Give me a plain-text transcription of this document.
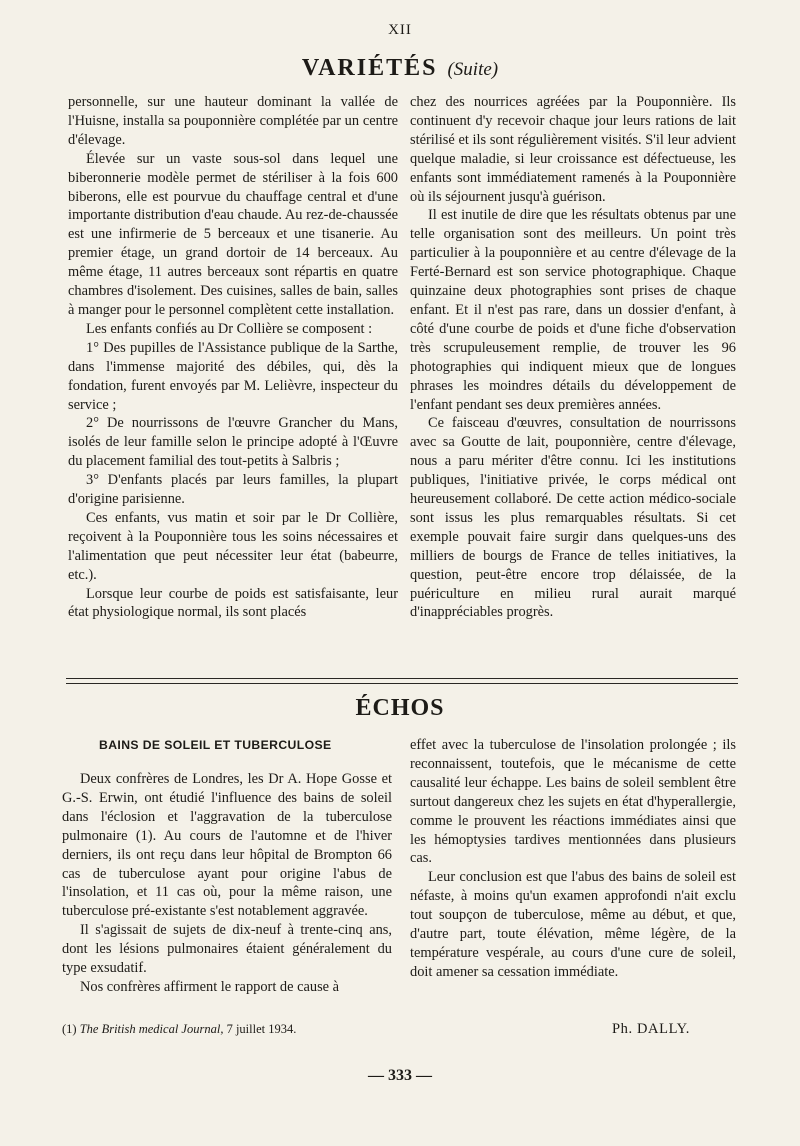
XII
VARIÉTÉS (Suite)

personnelle, sur une hauteur dominant la vallée de l'Huisne, installa sa pouponnière complétée par un centre d'élevage.

Élevée sur un vaste sous-sol dans lequel une biberonnerie modèle permet de stériliser à la fois 600 biberons, elle est pourvue du chauffage central et d'une importante distribution d'eau chaude. Au rez-de-chaussée est une infirmerie de 5 berceaux et une tisanerie. Au premier étage, un grand dortoir de 14 berceaux. Au même étage, 11 autres berceaux sont répartis en quatre chambres d'isolement. Des cuisines, salles de bain, salles à manger pour le personnel complètent cette installation.

Les enfants confiés au Dr Collière se composent :

1° Des pupilles de l'Assistance publique de la Sarthe, dans l'immense majorité des débiles, qui, dès la fondation, furent envoyés par M. Lelièvre, inspecteur du service ;

2° De nourrissons de l'œuvre Grancher du Mans, isolés de leur famille selon le principe adopté à l'Œuvre du placement familial des tout-petits à Salbris ;

3° D'enfants placés par leurs familles, la plupart d'origine parisienne.

Ces enfants, vus matin et soir par le Dr Collière, reçoivent à la Pouponnière tous les soins nécessaires et l'alimentation que peut nécessiter leur état (babeurre, etc.).

Lorsque leur courbe de poids est satisfaisante, leur état physiologique normal, ils sont placés

chez des nourrices agréées par la Pouponnière. Ils continuent d'y recevoir chaque jour leurs rations de lait stérilisé et ils sont régulièrement visités. S'il leur advient quelque maladie, si leur croissance est défectueuse, les enfants sont immédiatement ramenés à la Pouponnière où ils séjournent jusqu'à guérison.

Il est inutile de dire que les résultats obtenus par une telle organisation sont des meilleurs. Un point très particulier à la pouponnière et au centre d'élevage de la Ferté-Bernard est son service photographique. Chaque quinzaine deux photographies sont prises de chaque enfant. Et il n'est pas rare, dans un dossier d'enfant, à côté d'une courbe de poids et d'une fiche d'observation très scrupuleusement remplie, de trouver les 96 photographies qui indiquent mieux que de longues phrases les moindres détails du développement de l'enfant pendant ses deux premières années.

Ce faisceau d'œuvres, consultation de nourrissons avec sa Goutte de lait, pouponnière, centre d'élevage, nous a paru mériter d'être connu. Ici les institutions publiques, l'initiative privée, le corps médical ont heureusement collaboré. De cette action médico-sociale sont issus les plus remarquables résultats. Si cet exemple pouvait faire surgir dans quelques-uns des milliers de bourgs de France de telles initiatives, la question, peut-être encore trop délaissée, de la puériculture en milieu rural aurait marqué d'inappréciables progrès.

ÉCHOS
BAINS DE SOLEIL ET TUBERCULOSE

Deux confrères de Londres, les Dr A. Hope Gosse et G.-S. Erwin, ont étudié l'influence des bains de soleil dans l'éclosion et l'aggravation de la tuberculose pulmonaire (1). Au cours de l'automne et de l'hiver derniers, ils ont reçu dans leur hôpital de Brompton 66 cas de tuberculose ayant pour origine l'abus de l'insolation, et 11 cas où, pour la même raison, une tuberculose pré-existante s'est notablement aggravée.

Il s'agissait de sujets de dix-neuf à trente-cinq ans, dont les lésions pulmonaires étaient généralement du type exsudatif.

Nos confrères affirment le rapport de cause à

effet avec la tuberculose de l'insolation prolongée ; ils reconnaissent, toutefois, que le mécanisme de cette causalité leur échappe. Les bains de soleil semblent être surtout dangereux chez les sujets en état d'hyperallergie, comme le prouvent les réactions immédiates ainsi que les hémoptysies tardives mentionnées dans plusieurs cas.

Leur conclusion est que l'abus des bains de soleil est néfaste, à moins qu'un examen approfondi n'ait exclu tout soupçon de tuberculose, même au début, et que, d'autre part, toute élévation, même légère, de la température vespérale, au cours d'une cure de soleil, doit amener sa cessation immédiate.

(1) The British medical Journal, 7 juillet 1934.	Ph. DALLY.
— 333 —
